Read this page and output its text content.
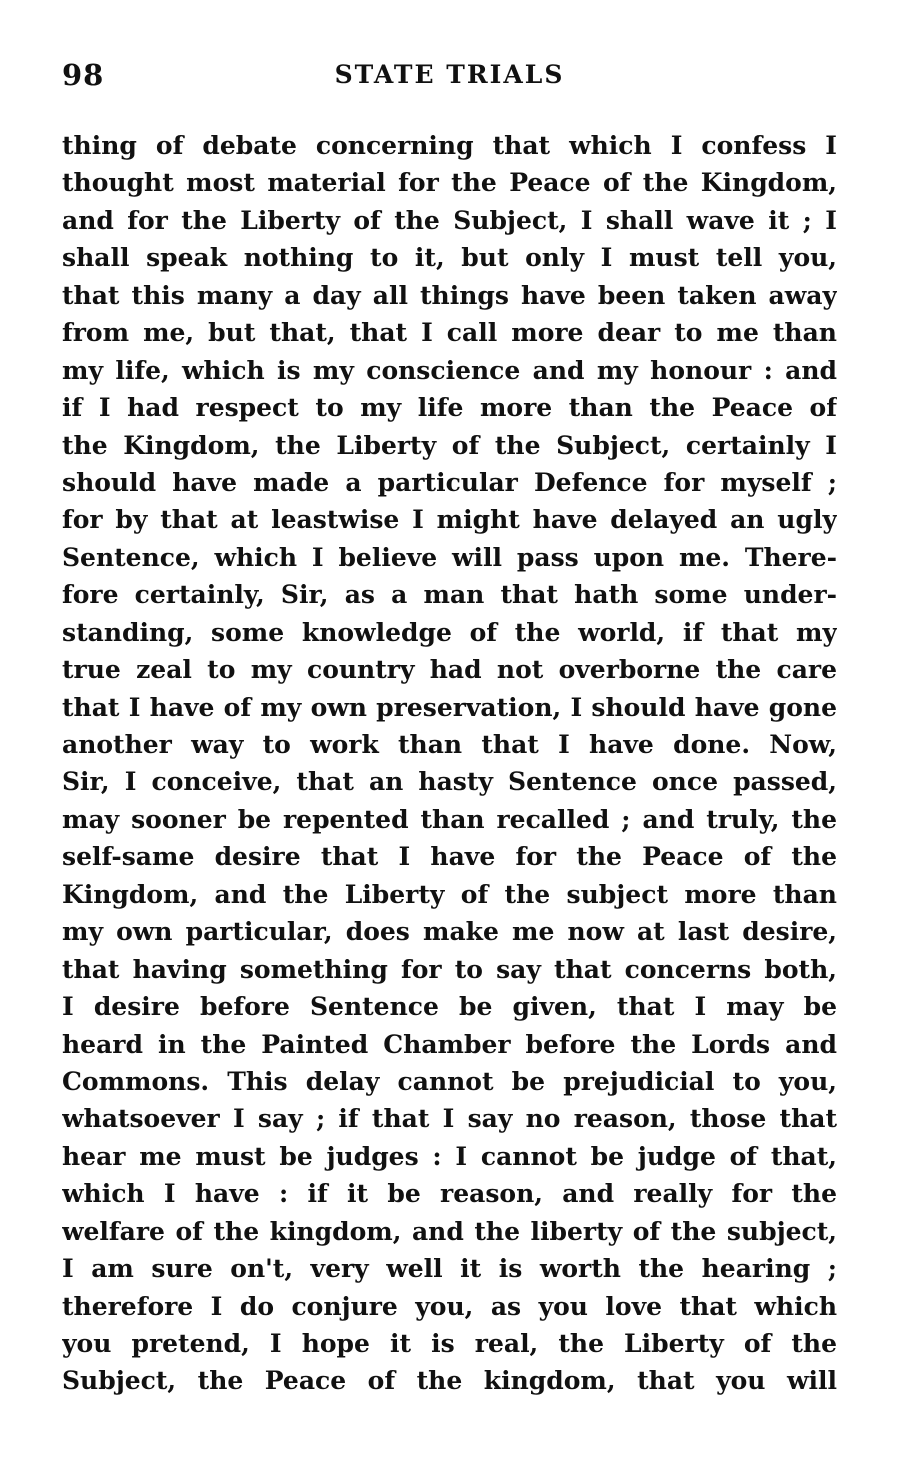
98	STATE TRIALS
thing of debate concerning that which I confess I
thought most material for the Peace of the Kingdom,
and for the Liberty of the Subject, I shall wave it ; I
shall speak nothing to it, but only I must tell you,
that this many a day all things have been taken away
from me, but that, that I call more dear to me than
my life, which is my conscience and my honour : and
if I had respect to my life more than the Peace of
the Kingdom, the Liberty of the Subject, certainly I
should have made a particular Defence for myself ;
for by that at leastwise I might have delayed an ugly
Sentence, which I believe will pass upon me. There-
fore certainly, Sir, as a man that hath some under-
standing, some knowledge of the world, if that my
true zeal to my country had not overborne the care
that I have of my own preservation, I should have gone
another way to work than that I have done. Now,
Sir, I conceive, that an hasty Sentence once passed,
may sooner be repented than recalled ; and truly, the
self-same desire that I have for the Peace of the
Kingdom, and the Liberty of the subject more than
my own particular, does make me now at last desire,
that having something for to say that concerns both,
I desire before Sentence be given, that I may be
heard in the Painted Chamber before the Lords and
Commons. This delay cannot be prejudicial to you,
whatsoever I say ; if that I say no reason, those that
hear me must be judges : I cannot be judge of that,
which I have : if it be reason, and really for the
welfare of the kingdom, and the liberty of the subject,
I am sure on't, very well it is worth the hearing ;
therefore I do conjure you, as you love that which
you pretend, I hope it is real, the Liberty of the
Subject, the Peace of the kingdom, that you will
